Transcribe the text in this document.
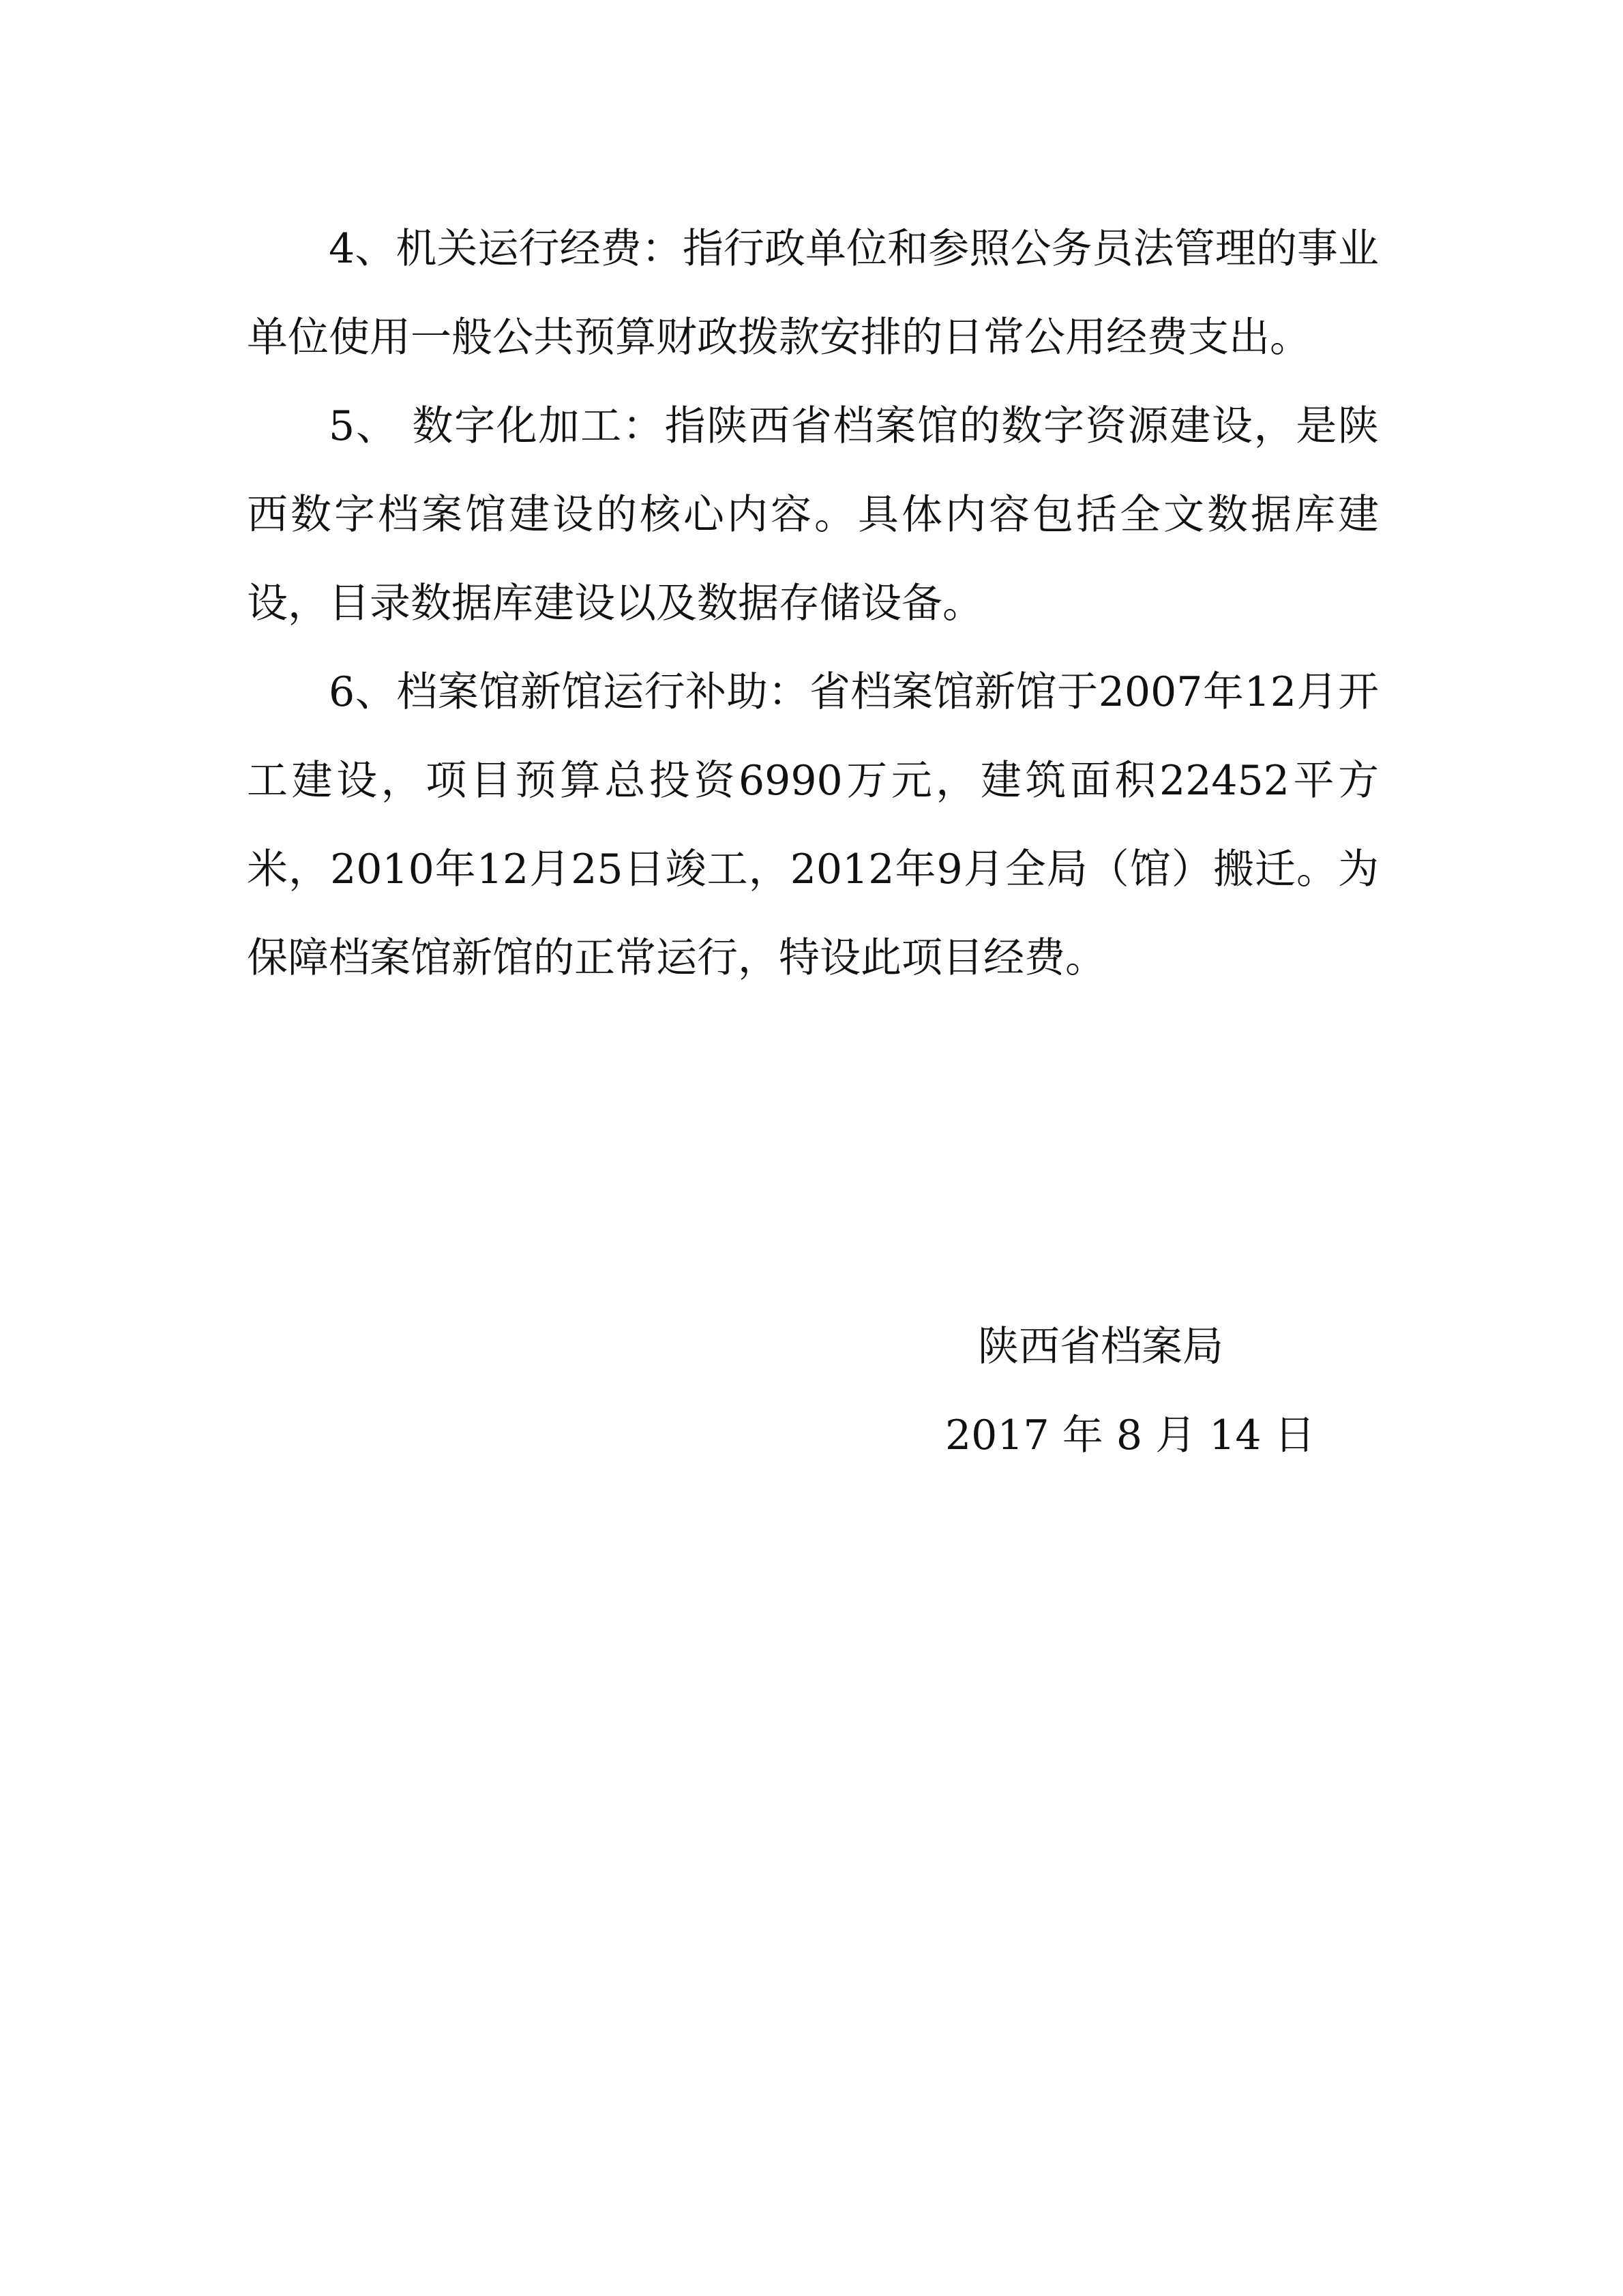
4、机关运行经费：指行政单位和参照公务员法管理的事业单位使用一般公共预算财政拨款安排的日常公用经费支出。

5、 数字化加工：指陕西省档案馆的数字资源建设，是陕西数字档案馆建设的核心内容。具体内容包括全文数据库建设，目录数据库建设以及数据存储设备。

6、档案馆新馆运行补助：省档案馆新馆于2007年12月开工建设，项目预算总投资6990万元，建筑面积22452平方米，2010年12月25日竣工，2012年9月全局（馆）搬迁。为保障档案馆新馆的正常运行，特设此项目经费。

陕西省档案局
2017 年 8 月 14 日
